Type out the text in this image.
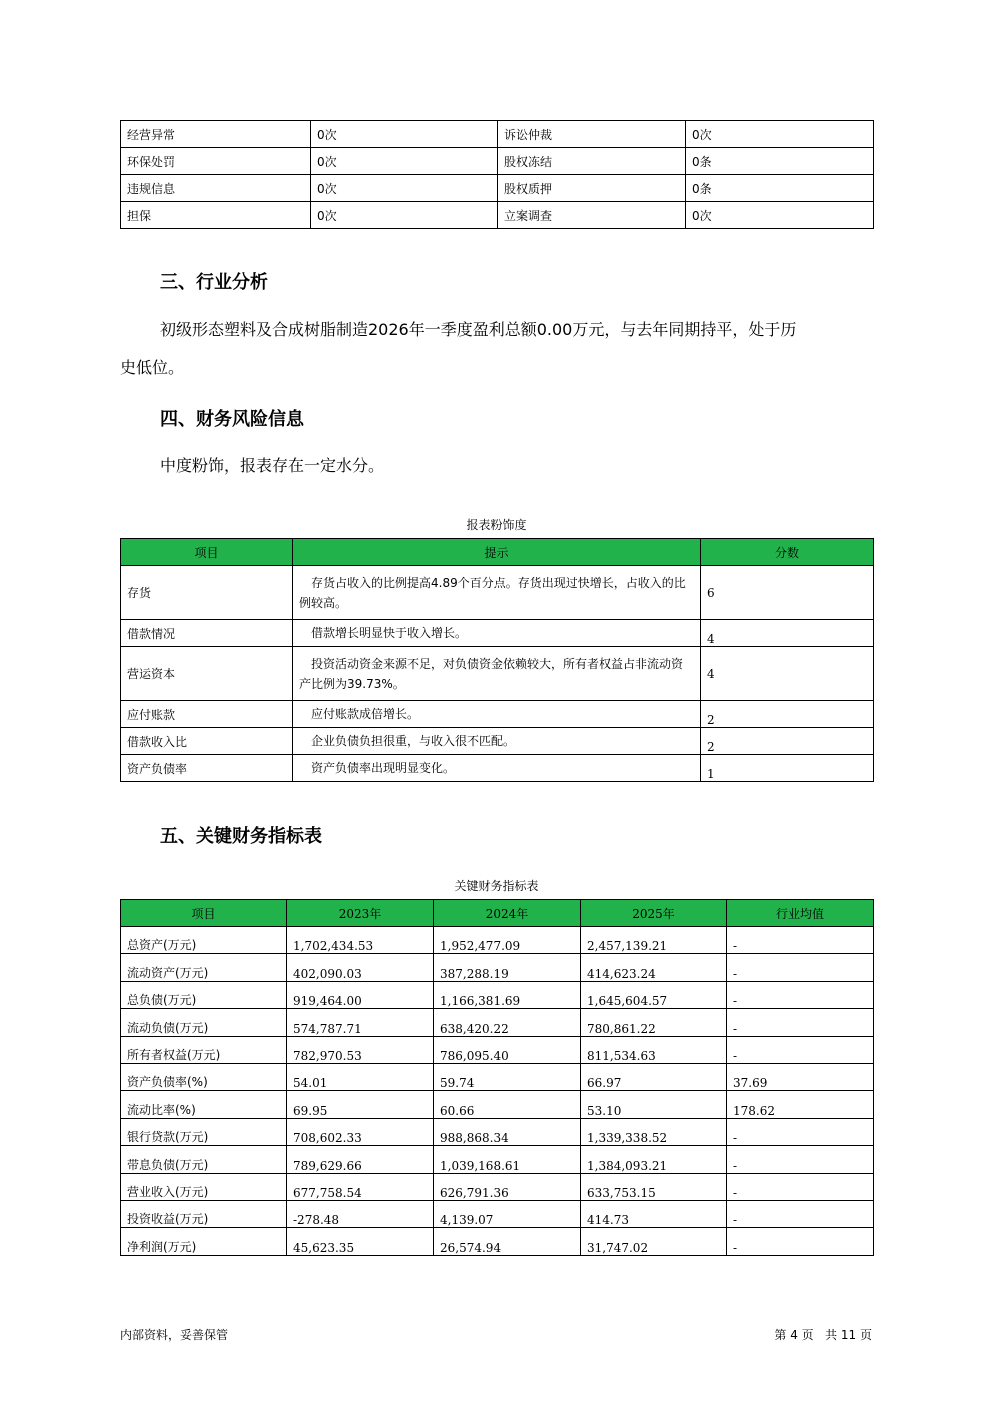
经营异常	0次	诉讼仲裁	0次
环保处罚	0次	股权冻结	0条
违规信息	0次	股权质押	0条
担保	0次	立案调查	0次
三、行业分析
初级形态塑料及合成树脂制造2026年一季度盈利总额0.00万元，与去年同期持平，处于历
史低位。
四、财务风险信息
中度粉饰，报表存在一定水分。
报表粉饰度
项目	提示	分数
存货	存货占收入的比例提高4.89个百分点。存货出现过快增长，占收入的比例较高。	6
借款情况	借款增长明显快于收入增长。	4
营运资本	投资活动资金来源不足，对负债资金依赖较大，所有者权益占非流动资产比例为39.73%。	4
应付账款	应付账款成倍增长。	2
借款收入比	企业负债负担很重，与收入很不匹配。	2
资产负债率	资产负债率出现明显变化。	1
五、关键财务指标表
关键财务指标表
项目	2023年	2024年	2025年	行业均值
总资产(万元)	1,702,434.53	1,952,477.09	2,457,139.21	-
流动资产(万元)	402,090.03	387,288.19	414,623.24	-
总负债(万元)	919,464.00	1,166,381.69	1,645,604.57	-
流动负债(万元)	574,787.71	638,420.22	780,861.22	-
所有者权益(万元)	782,970.53	786,095.40	811,534.63	-
资产负债率(%)	54.01	59.74	66.97	37.69
流动比率(%)	69.95	60.66	53.10	178.62
银行贷款(万元)	708,602.33	988,868.34	1,339,338.52	-
带息负债(万元)	789,629.66	1,039,168.61	1,384,093.21	-
营业收入(万元)	677,758.54	626,791.36	633,753.15	-
投资收益(万元)	-278.48	4,139.07	414.73	-
净利润(万元)	45,623.35	26,574.94	31,747.02	-
内部资料，妥善保管	第 4 页   共 11 页
